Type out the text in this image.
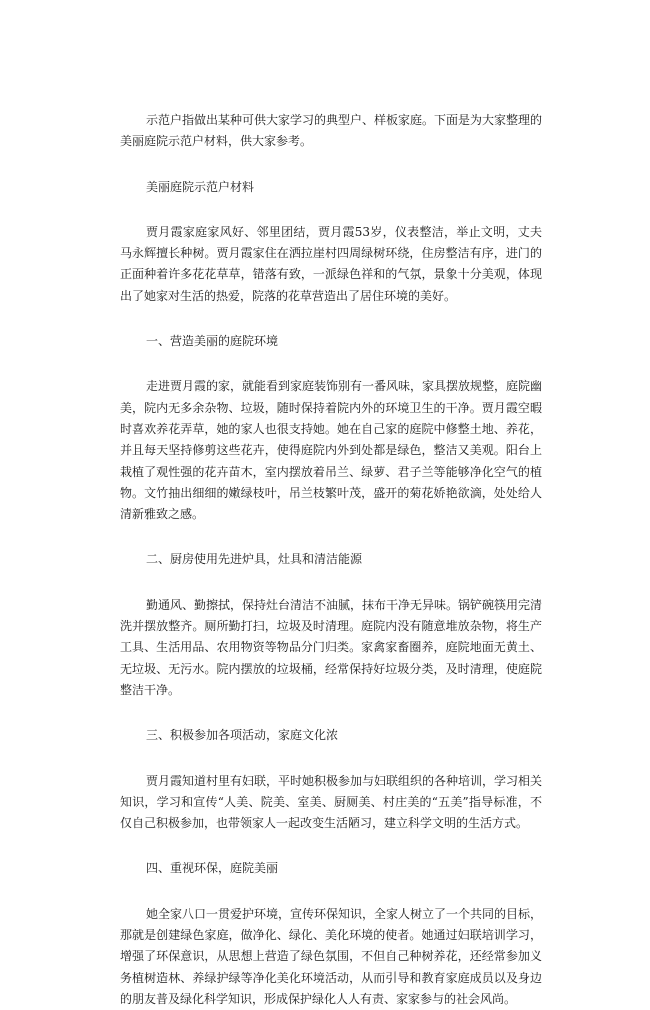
示范户指做出某种可供大家学习的典型户、样板家庭。下面是为大家整理的美丽庭院示范户材料，供大家参考。

美丽庭院示范户材料

贾月霞家庭家风好、邻里团结，贾月霞53岁，仪表整洁，举止文明，丈夫马永辉擅长种树。贾月霞家住在洒拉崖村四周绿树环绕，住房整洁有序，进门的正面种着许多花花草草，错落有致，一派绿色祥和的气氛，景象十分美观，体现出了她家对生活的热爱，院落的花草营造出了居住环境的美好。

一、营造美丽的庭院环境

走进贾月霞的家，就能看到家庭装饰别有一番风味，家具摆放规整，庭院幽美，院内无多余杂物、垃圾，随时保持着院内外的环境卫生的干净。贾月霞空暇时喜欢养花弄草，她的家人也很支持她。她在自己家的庭院中修整土地、养花，并且每天坚持修剪这些花卉，使得庭院内外到处都是绿色，整洁又美观。阳台上栽植了观性强的花卉苗木，室内摆放着吊兰、绿萝、君子兰等能够净化空气的植物。文竹抽出细细的嫩绿枝叶，吊兰枝繁叶茂，盛开的菊花娇艳欲滴，处处给人清新雅致之感。

二、厨房使用先进炉具，灶具和清洁能源

勤通风、勤擦拭，保持灶台清洁不油腻，抹布干净无异味。锅铲碗筷用完清洗并摆放整齐。厕所勤打扫，垃圾及时清理。庭院内没有随意堆放杂物，将生产工具、生活用品、农用物资等物品分门归类。家禽家畜圈养，庭院地面无黄土、无垃圾、无污水。院内摆放的垃圾桶，经常保持好垃圾分类，及时清理，使庭院整洁干净。

三、积极参加各项活动，家庭文化浓

贾月霞知道村里有妇联，平时她积极参加与妇联组织的各种培训，学习相关知识，学习和宣传“人美、院美、室美、厨厕美、村庄美的“五美”指导标准，不仅自己积极参加，也带领家人一起改变生活陋习，建立科学文明的生活方式。

四、重视环保，庭院美丽

她全家八口一贯爱护环境，宣传环保知识，全家人树立了一个共同的目标，那就是创建绿色家庭，做净化、绿化、美化环境的使者。她通过妇联培训学习，增强了环保意识，从思想上营造了绿色氛围，不但自己种树养花，还经常参加义务植树造林、养绿护绿等净化美化环境活动，从而引导和教育家庭成员以及身边的朋友普及绿化科学知识，形成保护绿化人人有责、家家参与的社会风尚。
